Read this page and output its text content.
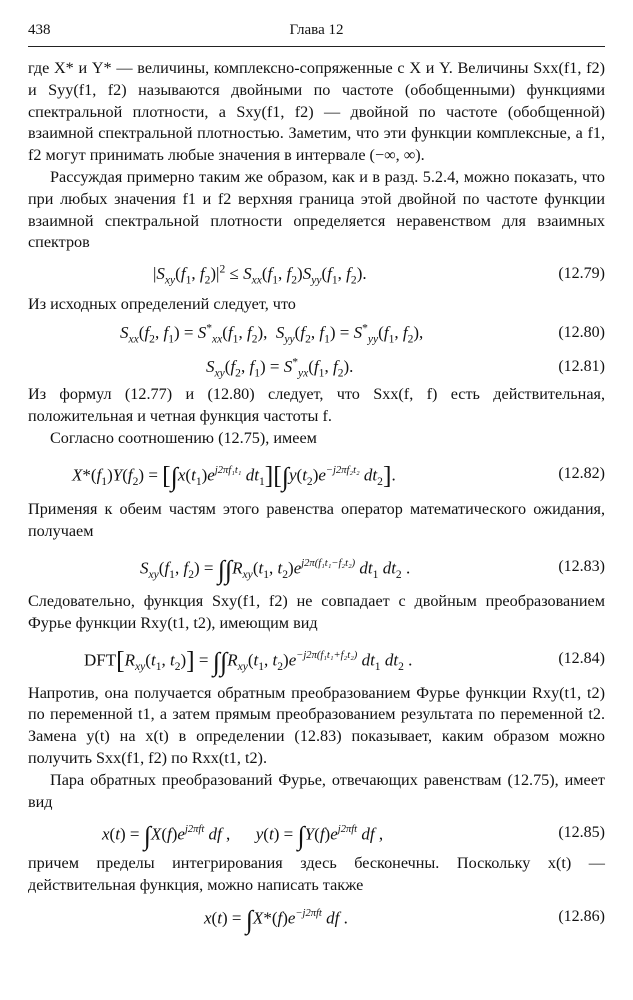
438	Глава 12

где X* и Y* — величины, комплексно-сопряженные с X и Y. Величины Sxx(f1, f2) и Syy(f1, f2) называются двойными по частоте (обобщенными) функциями спектральной плотности, а Sxy(f1, f2) — двойной по частоте (обобщенной) взаимной спектральной плотностью. Заметим, что эти функции комплексные, а f1, f2 могут принимать любые значения в интервале (−∞, ∞).

Рассуждая примерно таким же образом, как и в разд. 5.2.4, можно показать, что при любых значения f1 и f2 верхняя граница этой двойной по частоте функции взаимной спектральной плотности определяется неравенством для взаимных спектров

$|S_{xy}(f_1$, $f_2)|^2 \le S_{xx}(f_1$, $f_2)S_{yy}(f_1$, $f_2$).	(12.79)

Из исходных определений следует, что

$S_{xx}(f_2$, $f_1) = S^*_{xx}(f_1$, $f_2$),  $S_{yy}(f_2$, $f_1) = S^*_{yy}(f_1$, $f_2$),	(12.80)
$S_{xy}(f_2$, $f_1) = S^*_{yx}(f_1$, $f_2$).	(12.81)

Из формул (12.77) и (12.80) следует, что Sxx(f, f) есть действительная, положительная и четная функция частоты f.

Согласно соотношению (12.75), имеем

$X*(f_1)Y(f_2) = [\int x(t_1)e^{j2\pi f_1t_1}$ $dt_1][\int y(t_2)e^{-j2\pi f_2t_2}$ $dt_2$].	(12.82)

Применяя к обеим частям этого равенства оператор математического ожидания, получаем

$S_{xy}(f_1$, $f_2) = \int\int R_{xy}(t_1$, $t_2)e^{j2\pi(f_1t_1-f_2t_2)}$ $dt_1$ $dt_2$ .	(12.83)

Следовательно, функция Sxy(f1, f2) не совпадает с двойным преобразованием Фурье функции Rxy(t1, t2), имеющим вид

$DFT[R_{xy}(t_1$, $t_2)] = \int\int R_{xy}(t_1$, $t_2)e^{-j2\pi(f_1t_1+f_2t_2)}$ $dt_1$ $dt_2$ .	(12.84)

Напротив, она получается обратным преобразованием Фурье функции Rxy(t1, t2) по переменной t1, а затем прямым преобразованием результата по переменной t2. Замена y(t) на x(t) в определении (12.83) показывает, каким образом можно получить Sxx(f1, f2) по Rxx(t1, t2).

Пара обратных преобразований Фурье, отвечающих равенствам (12.75), имеет вид

$x(t) = \int X(f)e^{j2\pi ft}$ df ,      $y(t) = \int Y(f)e^{j2\pi ft}$ df ,	(12.85)

причем пределы интегрирования здесь бесконечны. Поскольку x(t) — действительная функция, можно написать также

$x(t) = \int X*(f)e^{-j2\pi ft}$ df .	(12.86)
